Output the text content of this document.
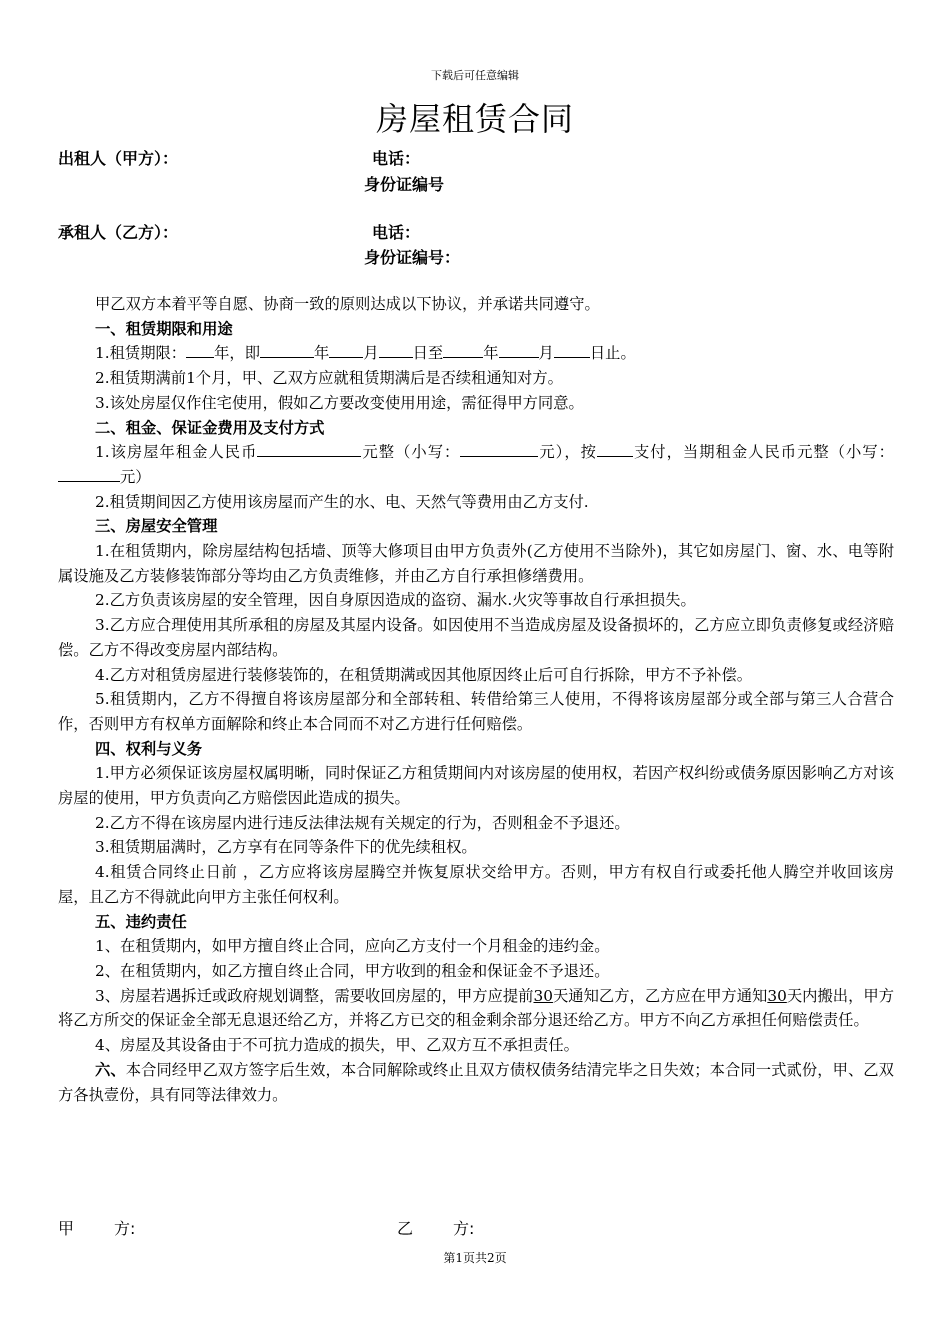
下载后可任意编辑
房屋租赁合同
出租人（甲方）：	电话：
身份证编号
承租人（乙方）：	电话：
身份证编号：

甲乙双方本着平等自愿、协商一致的原则达成以下协议，并承诺共同遵守。

一、租赁期限和用途

1.租赁期限： 年，即	年 月 日至	年	月 日止。

2.租赁期满前1个月，甲、乙双方应就租赁期满后是否续租通知对方。

3.该处房屋仅作住宅使用，假如乙方要改变使用用途，需征得甲方同意。

二、租金、保证金费用及支付方式

1.该房屋年租金人民币	元整（小写：	元），按 支付，当期租金人民币元整（小写：元）

2.租赁期间因乙方使用该房屋而产生的水、电、天然气等费用由乙方支付.

三、房屋安全管理

1.在租赁期内，除房屋结构包括墙、顶等大修项目由甲方负责外(乙方使用不当除外)，其它如房屋门、窗、水、电等附属设施及乙方装修装饰部分等均由乙方负责维修，并由乙方自行承担修缮费用。

2.乙方负责该房屋的安全管理，因自身原因造成的盗窃、漏水.火灾等事故自行承担损失。

3.乙方应合理使用其所承租的房屋及其屋内设备。如因使用不当造成房屋及设备损坏的，乙方应立即负责修复或经济赔偿。乙方不得改变房屋内部结构。

4.乙方对租赁房屋进行装修装饰的，在租赁期满或因其他原因终止后可自行拆除，甲方不予补偿。

5.租赁期内，乙方不得擅自将该房屋部分和全部转租、转借给第三人使用，不得将该房屋部分或全部与第三人合营合作，否则甲方有权单方面解除和终止本合同而不对乙方进行任何赔偿。

四、权利与义务

1.甲方必须保证该房屋权属明晰，同时保证乙方租赁期间内对该房屋的使用权，若因产权纠纷或债务原因影响乙方对该房屋的使用，甲方负责向乙方赔偿因此造成的损失。

2.乙方不得在该房屋内进行违反法律法规有关规定的行为，否则租金不予退还。

3.租赁期届满时，乙方享有在同等条件下的优先续租权。

4.租赁合同终止日前 ，乙方应将该房屋腾空并恢复原状交给甲方。否则，甲方有权自行或委托他人腾空并收回该房屋，且乙方不得就此向甲方主张任何权利。

五、违约责任

1、在租赁期内，如甲方擅自终止合同，应向乙方支付一个月租金的违约金。

2、在租赁期内，如乙方擅自终止合同，甲方收到的租金和保证金不予退还。

3、房屋若遇拆迁或政府规划调整，需要收回房屋的，甲方应提前30天通知乙方，乙方应在甲方通知30天内搬出，甲方将乙方所交的保证金全部无息退还给乙方，并将乙方已交的租金剩余部分退还给乙方。甲方不向乙方承担任何赔偿责任。

4、房屋及其设备由于不可抗力造成的损失，甲、乙双方互不承担责任。

六、本合同经甲乙双方签字后生效，本合同解除或终止且双方债权债务结清完毕之日失效；本合同一式贰份，甲、乙双方各执壹份，具有同等法律效力。

甲	方:	乙	方:
第1页共2页
